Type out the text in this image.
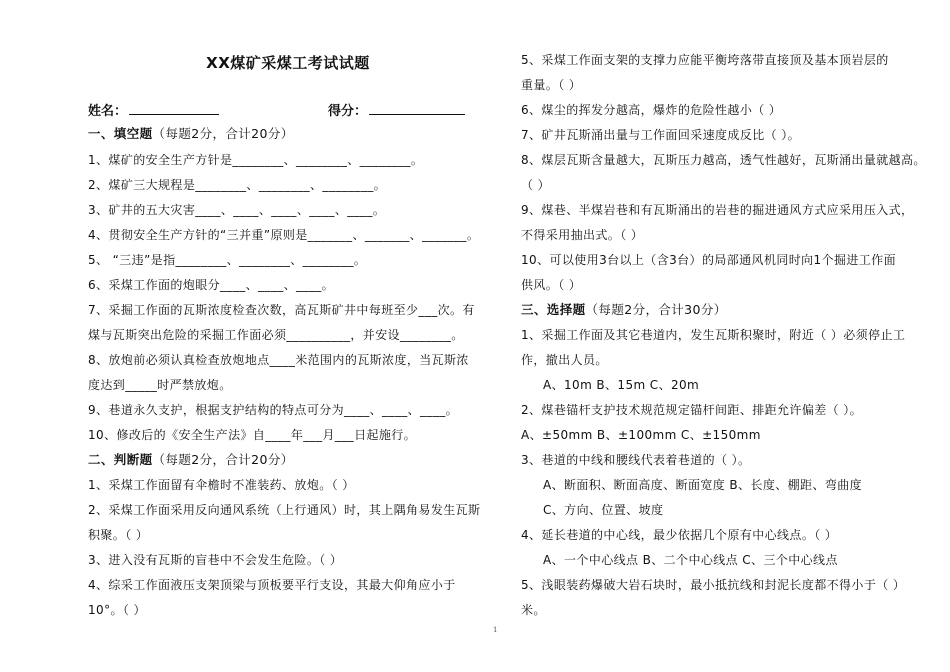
XX煤矿采煤工考试试题
姓名：	得分：
一、填空题（每题2分，合计20分）
1、煤矿的安全生产方针是________、________、________。
2、煤矿三大规程是________、________、________。
3、矿井的五大灾害____、____、____、____、____。
4、贯彻安全生产方针的“三并重”原则是_______、_______、_______。
5、 “三违”是指________、________、________。
6、采煤工作面的炮眼分____、____、____。
7、采掘工作面的瓦斯浓度检查次数，高瓦斯矿井中每班至少___次。有
煤与瓦斯突出危险的采掘工作面必须__________，并安设________。
8、放炮前必须认真检查放炮地点____米范围内的瓦斯浓度，当瓦斯浓
度达到_____时严禁放炮。
9、巷道永久支护，根据支护结构的特点可分为____、____、____。
10、修改后的《安全生产法》自____年___月___日起施行。
二、判断题（每题2分，合计20分）
1、采煤工作面留有伞檐时不准装药、放炮。（ ）
2、采煤工作面采用反向通风系统（上行通风）时，其上隅角易发生瓦斯
积聚。（ ）
3、进入没有瓦斯的盲巷中不会发生危险。（ ）
4、综采工作面液压支架顶梁与顶板要平行支设，其最大仰角应小于
10°。（ ）
5、采煤工作面支架的支撑力应能平衡垮落带直接顶及基本顶岩层的
重量。（ ）
6、煤尘的挥发分越高，爆炸的危险性越小（ ）
7、矿井瓦斯涌出量与工作面回采速度成反比（ ）。
8、煤层瓦斯含量越大，瓦斯压力越高，透气性越好，瓦斯涌出量就越高。
（ ）
9、煤巷、半煤岩巷和有瓦斯涌出的岩巷的掘进通风方式应采用压入式，
不得采用抽出式。（ ）
10、可以使用3台以上（含3台）的局部通风机同时向1个掘进工作面
供风。（ ）
三、选择题（每题2分，合计30分）
1、采掘工作面及其它巷道内，发生瓦斯积聚时，附近（ ）必须停止工
作，撤出人员。
A、10m B、15m C、20m
2、煤巷锚杆支护技术规范规定锚杆间距、排距允许偏差（ ）。
A、±50mm B、±100mm C、±150mm
3、巷道的中线和腰线代表着巷道的（ ）。
A、断面积、断面高度、断面宽度 B、长度、棚距、弯曲度
C、方向、位置、坡度
4、延长巷道的中心线，最少依据几个原有中心线点。（ ）
A、一个中心线点 B、二个中心线点 C、三个中心线点
5、浅眼装药爆破大岩石块时，最小抵抗线和封泥长度都不得小于（ ）
米。
1
